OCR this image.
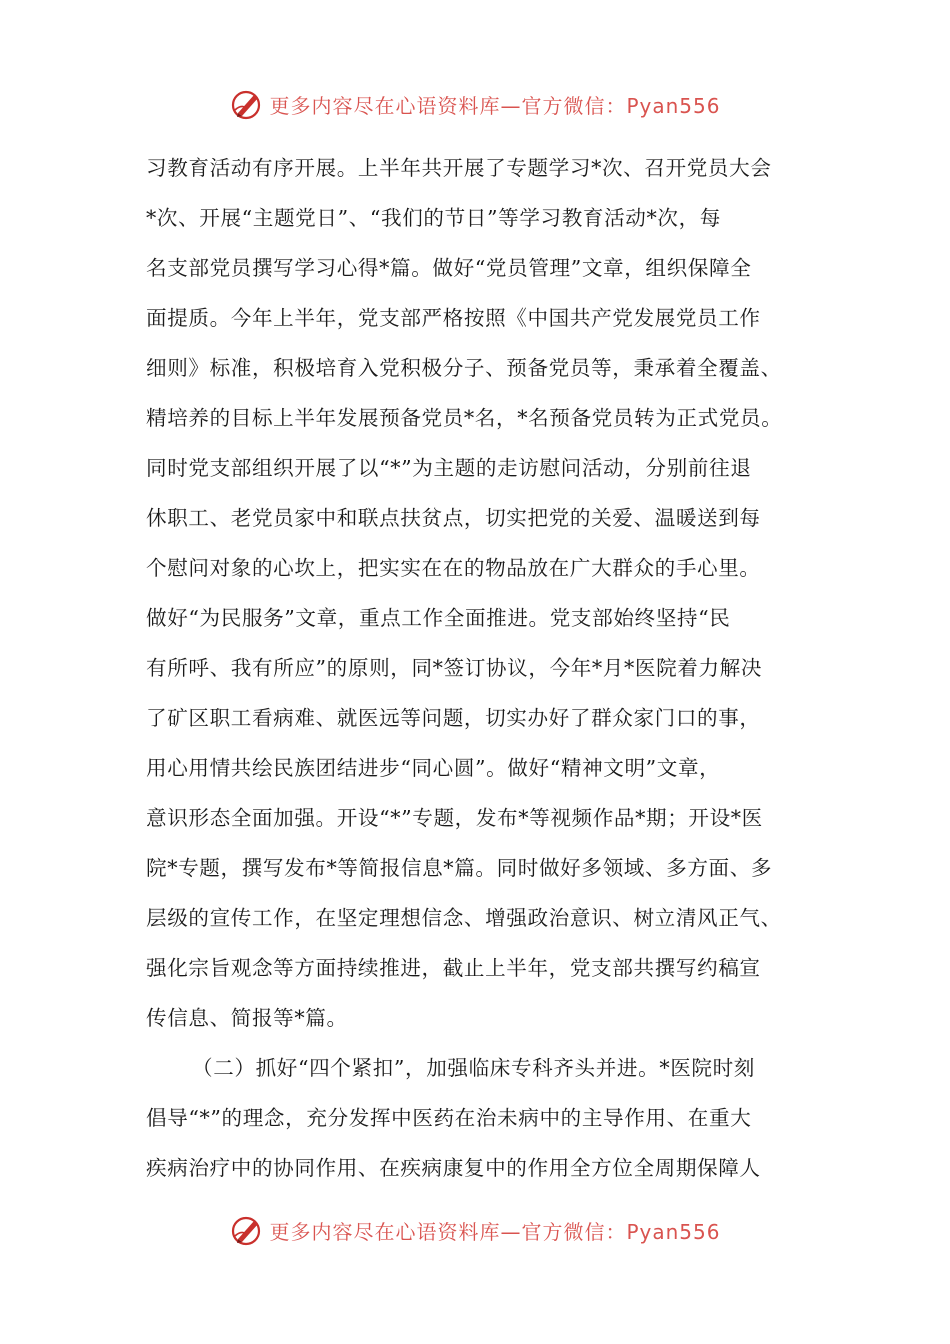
更多内容尽在心语资料库—官方微信：Pyan556
习教育活动有序开展。上半年共开展了专题学习*次、召开党员大会
*次、开展“主题党日”、“我们的节日”等学习教育活动*次，每
名支部党员撰写学习心得*篇。做好“党员管理”文章，组织保障全
面提质。今年上半年，党支部严格按照《中国共产党发展党员工作
细则》标准，积极培育入党积极分子、预备党员等，秉承着全覆盖、
精培养的目标上半年发展预备党员*名，*名预备党员转为正式党员。
同时党支部组织开展了以“*”为主题的走访慰问活动，分别前往退
休职工、老党员家中和联点扶贫点，切实把党的关爱、温暖送到每
个慰问对象的心坎上，把实实在在的物品放在广大群众的手心里。
做好“为民服务”文章，重点工作全面推进。党支部始终坚持“民
有所呼、我有所应”的原则，同*签订协议，今年*月*医院着力解决
了矿区职工看病难、就医远等问题，切实办好了群众家门口的事，
用心用情共绘民族团结进步“同心圆”。做好“精神文明”文章，
意识形态全面加强。开设“*”专题，发布*等视频作品*期；开设*医
院*专题，撰写发布*等简报信息*篇。同时做好多领域、多方面、多
层级的宣传工作，在坚定理想信念、增强政治意识、树立清风正气、
强化宗旨观念等方面持续推进，截止上半年，党支部共撰写约稿宣
传信息、简报等*篇。
（二）抓好“四个紧扣”，加强临床专科齐头并进。*医院时刻
倡导“*”的理念，充分发挥中医药在治未病中的主导作用、在重大
疾病治疗中的协同作用、在疾病康复中的作用全方位全周期保障人
更多内容尽在心语资料库—官方微信：Pyan556
